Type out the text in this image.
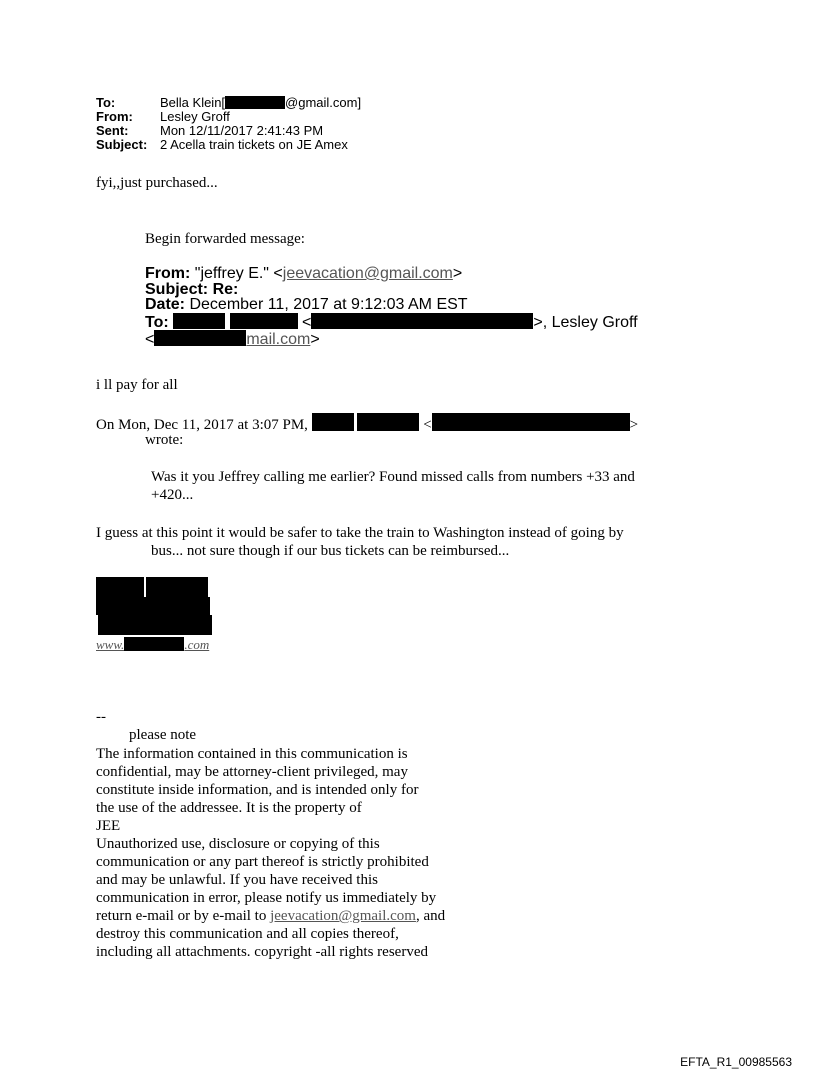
To:	Bella Klein[	@gmail.com]
From: Lesley Groff
Sent: Mon 12/11/2017 2:41:43 PM
Subject: 2 Acella train tickets on JE Amex
fyi,,just purchased...
Begin forwarded message:
From: "jeffrey E." <jeevacation@gmail.com>
Subject: Re:
Date: December 11, 2017 at 9:12:03 AM EST
To:	<	>, Lesley Groff
<	mail.com>
i ll pay for all
On Mon, Dec 11, 2017 at 3:07 PM,	<	>
wrote:
Was it you Jeffrey calling me earlier? Found missed calls from numbers +33 and
+420...
I guess at this point it would be safer to take the train to Washington instead of going by
bus... not sure though if our bus tickets can be reimbursed...
www.	.com
--
please note
The information contained in this communication is
confidential, may be attorney-client privileged, may
constitute inside information, and is intended only for
the use of the addressee. It is the property of
JEE
Unauthorized use, disclosure or copying of this
communication or any part thereof is strictly prohibited
and may be unlawful. If you have received this
communication in error, please notify us immediately by
return e-mail or by e-mail to jeevacation@gmail.com, and
destroy this communication and all copies thereof,
including all attachments. copyright -all rights reserved
EFTA_R1_00985563
